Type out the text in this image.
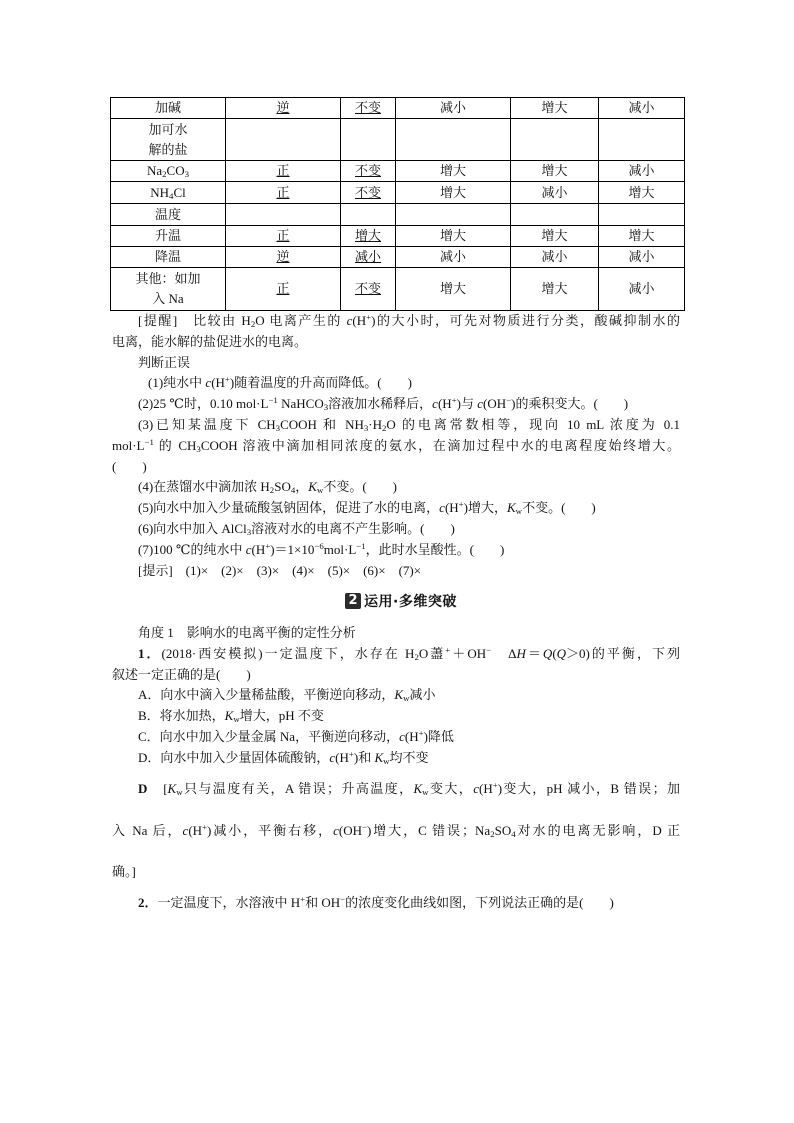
加碱	逆	不变	减小	增大	减小
加可水解的盐					
$Na_2CO_3$	正	不变	增大	增大	减小
$NH_4Cl$	正	不变	增大	减小	增大
温度					
升温	正	增大	增大	增大	增大
降温	逆	减小	减小	减小	减小
其他：如加入 Na	正	不变	增大	增大	减小
[提醒]　比较由 $H_2O$ 电离产生的 c(H+)的大小时，可先对物质进行分类，酸碱抑制水的
电离，能水解的盐促进水的电离。
判断正误
(1)纯水中 c(H+)随着温度的升高而降低。(　　)
(2)25 ℃时，0.10 $mol\cdot L^{-1}$ NaHCO$_3$溶液加水稀释后，c(H+)与 c(OH−)的乘积变大。(　　)
(3)已知某温度下 $CH_3COOH$ 和 $NH_3\cdot H_2O$ 的电离常数相等，现向 10 mL 浓度为 0.1
$mol\cdot L^{-1}$ 的 $CH_3COOH$ 溶液中滴加相同浓度的氨水，在滴加过程中水的电离程度始终增大。
(　　)
(4)在蒸馏水中滴加浓 $H_2SO_4$，$K_w$不变。(　　)
(5)向水中加入少量硫酸氢钠固体，促进了水的电离，c(H+)增大，$K_w$不变。(　　)
(6)向水中加入 AlCl$_3$溶液对水的电离不产生影响。(　　)
(7)100 ℃的纯水中 $c(H^+)=1\times 10^{-6}mol\cdot L^{-1}$，此时水呈酸性。(　　)
[提示]　(1)×　(2)×　(3)×　(4)×　(5)×　(6)×　(7)×
2 运用·多维突破
角度 1　影响水的电离平衡的定性分析
1．(2018·西安模拟)一定温度下，水存在 $H_2O$藎+＋OH−　ΔH＝Q(Q＞0)的平衡，下列
叙述一定正确的是(　　)
A．向水中滴入少量稀盐酸，平衡逆向移动，$K_w$减小
B．将水加热，$K_w$增大，pH 不变
C．向水中加入少量金属 Na，平衡逆向移动，c(H+)降低
D．向水中加入少量固体硫酸钠，c(H+)和 $K_w$均不变
D　[$K_w$只与温度有关，A 错误；升高温度，$K_w$变大，c(H+)变大，pH 减小，B 错误；加
入 Na 后，c(H+)减小，平衡右移，c(OH−)增大，C 错误；$Na_2SO_4$对水的电离无影响，D 正
确。]
2．一定温度下，水溶液中 H+和 OH−的浓度变化曲线如图，下列说法正确的是(　　)
